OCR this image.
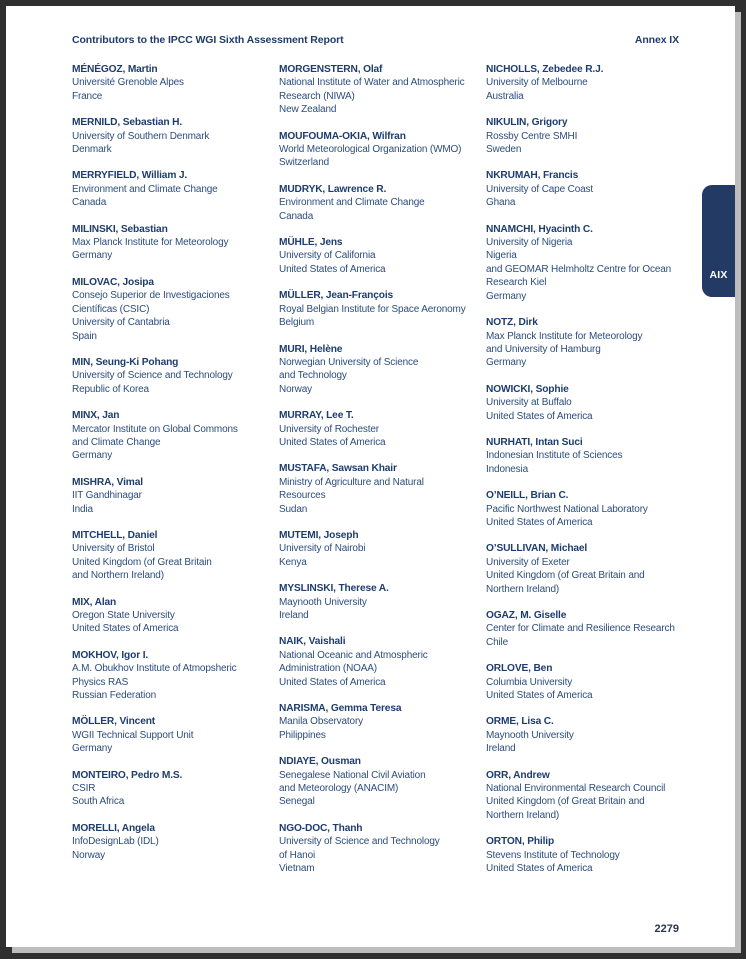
Contributors to the IPCC WGI Sixth Assessment Report	Annex IX
MÉNÉGOZ, Martin
Université Grenoble Alpes
France
MERNILD, Sebastian H.
University of Southern Denmark
Denmark
MERRYFIELD, William J.
Environment and Climate Change
Canada
MILINSKI, Sebastian
Max Planck Institute for Meteorology
Germany
MILOVAC, Josipa
Consejo Superior de Investigaciones
Científicas (CSIC)
University of Cantabria
Spain
MIN, Seung-Ki Pohang
University of Science and Technology
Republic of Korea
MINX, Jan
Mercator Institute on Global Commons
and Climate Change
Germany
MISHRA, Vimal
IIT Gandhinagar
India
MITCHELL, Daniel
University of Bristol
United Kingdom (of Great Britain
and Northern Ireland)
MIX, Alan
Oregon State University
United States of America
MOKHOV, Igor I.
A.M. Obukhov Institute of Atmopsheric
Physics RAS
Russian Federation
MÖLLER, Vincent
WGII Technical Support Unit
Germany
MONTEIRO, Pedro M.S.
CSIR
South Africa
MORELLI, Angela
InfoDesignLab (IDL)
Norway
MORGENSTERN, Olaf
National Institute of Water and Atmospheric
Research (NIWA)
New Zealand
MOUFOUMA-OKIA, Wilfran
World Meteorological Organization (WMO)
Switzerland
MUDRYK, Lawrence R.
Environment and Climate Change
Canada
MÜHLE, Jens
University of California
United States of America
MÜLLER, Jean-François
Royal Belgian Institute for Space Aeronomy
Belgium
MURI, Helène
Norwegian University of Science
and Technology
Norway
MURRAY, Lee T.
University of Rochester
United States of America
MUSTAFA, Sawsan Khair
Ministry of Agriculture and Natural
Resources
Sudan
MUTEMI, Joseph
University of Nairobi
Kenya
MYSLINSKI, Therese A.
Maynooth University
Ireland
NAIK, Vaishali
National Oceanic and Atmospheric
Administration (NOAA)
United States of America
NARISMA, Gemma Teresa
Manila Observatory
Philippines
NDIAYE, Ousman
Senegalese National Civil Aviation
and Meteorology (ANACIM)
Senegal
NGO-DOC, Thanh
University of Science and Technology
of Hanoi
Vietnam
NICHOLLS, Zebedee R.J.
University of Melbourne
Australia
NIKULIN, Grigory
Rossby Centre SMHI
Sweden
NKRUMAH, Francis
University of Cape Coast
Ghana
NNAMCHI, Hyacinth C.
University of Nigeria
Nigeria
and GEOMAR Helmholtz Centre for Ocean
Research Kiel
Germany
NOTZ, Dirk
Max Planck Institute for Meteorology
and University of Hamburg
Germany
NOWICKI, Sophie
University at Buffalo
United States of America
NURHATI, Intan Suci
Indonesian Institute of Sciences
Indonesia
O’NEILL, Brian C.
Pacific Northwest National Laboratory
United States of America
O’SULLIVAN, Michael
University of Exeter
United Kingdom (of Great Britain and
Northern Ireland)
OGAZ, M. Giselle
Center for Climate and Resilience Research
Chile
ORLOVE, Ben
Columbia University
United States of America
ORME, Lisa C.
Maynooth University
Ireland
ORR, Andrew
National Environmental Research Council
United Kingdom (of Great Britain and
Northern Ireland)
ORTON, Philip
Stevens Institute of Technology
United States of America
AIX
2279
